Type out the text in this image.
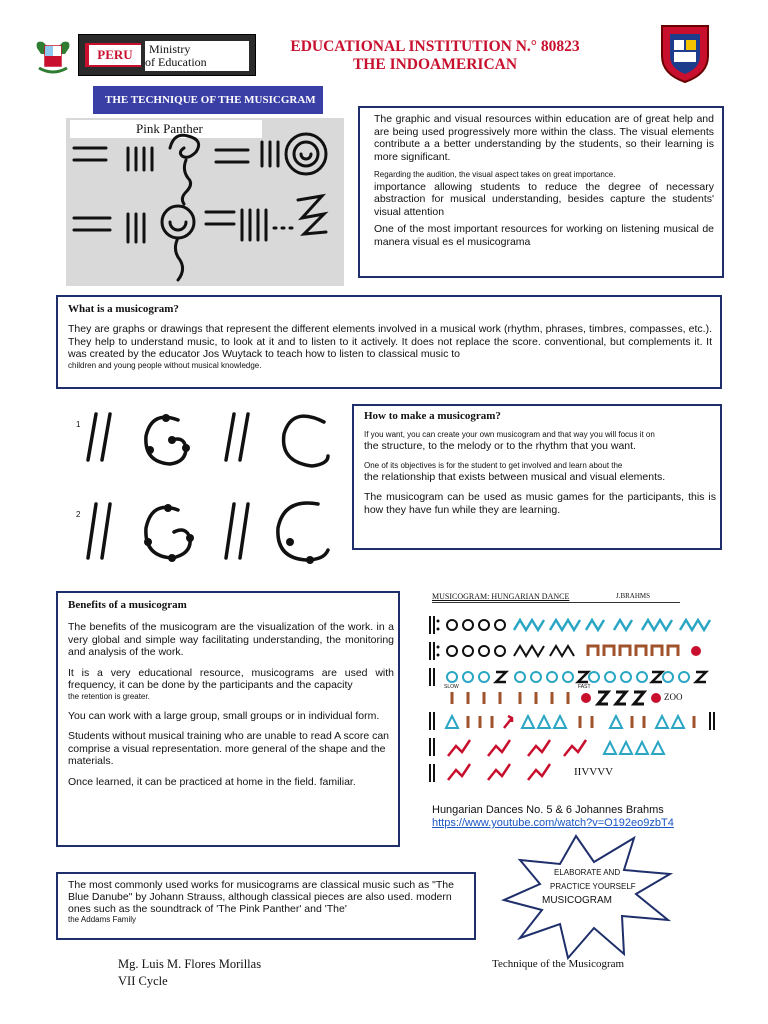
PERU	Ministry
of Education
EDUCATIONAL INSTITUTION N.° 80823
THE INDOAMERICAN
THE TECHNIQUE OF THE MUSICGRAM
Pink Panther

The graphic and visual resources within education are of great help and are being used progressively more within the class. The visual elements contribute a a better understanding by the students, so their learning is more significant.

Regarding the audition, the visual aspect takes on great importance.

importance allowing students to reduce the degree of necessary abstraction for musical understanding, besides capture the students' visual attention

One of the most important resources for working on listening musical de manera visual es el musicograma

What is a musicogram?

They are graphs or drawings that represent the different elements involved in a musical work (rhythm, phrases, timbres, compasses, etc.). They help to understand music, to look at it and to listen to it actively. It does not replace the score. conventional, but complements it. It was created by the educator Jos Wuytack to teach how to listen to classical music to

children and young people without musical knowledge.
1
2
How to make a musicogram?
If you want, you can create your own musicogram and that way you will focus it on

the structure, to the melody or to the rhythm that you want.

One of its objectives is for the student to get involved and learn about the

the relationship that exists between musical and visual elements.

The musicogram can be used as music games for the participants, this is how they have fun while they are learning.

Benefits of a musicogram

The benefits of the musicogram are the visualization of the work. in a very global and simple way facilitating understanding, the monitoring and analysis of the work.

It is a very educational resource, musicograms are used with frequency, it can be done by the participants and the capacity

the retention is greater.

You can work with a large group, small groups or in individual form.

Students without musical training who are unable to read A score can comprise a visual representation. more general of the shape and the materials.

Once learned, it can be practiced at home in the field. familiar.

MUSICOGRAM: HUNGARIAN DANCE	J.BRAHMS
SLOW	FAST
ZOO
IIVVVV
Hungarian Dances No. 5 & 6 Johannes Brahms
https://www.youtube.com/watch?v=O192eo9zbT4

The most commonly used works for musicograms are classical music such as "The Blue Danube" by Johann Strauss, although classical pieces are also used. modern ones such as the soundtrack of 'The Pink Panther' and 'The'

the Addams Family
ELABORATE AND
PRACTICE YOURSELF
MUSICOGRAM
Mg. Luis M. Flores Morillas
VII Cycle
Technique of the Musicogram
